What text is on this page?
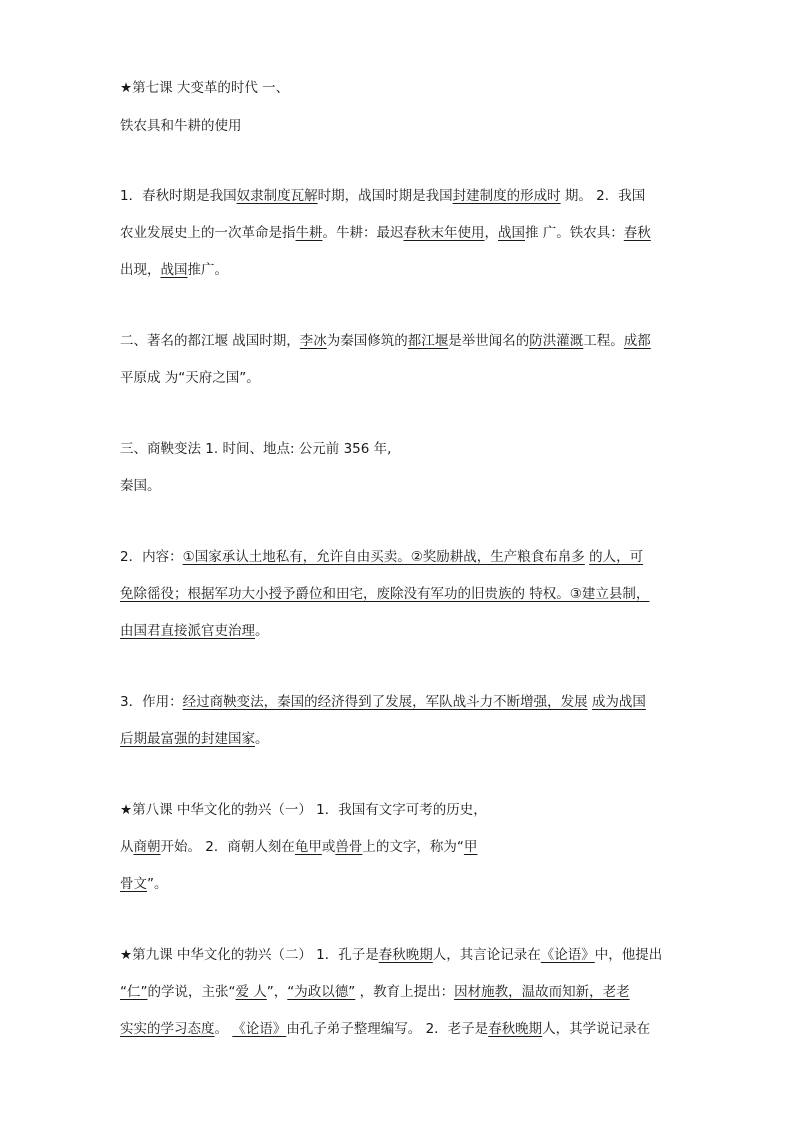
★第七课 大变革的时代 一、
铁农具和牛耕的使用
1．春秋时期是我国奴隶制度瓦解时期，战国时期是我国封建制度的形成时 期。 2．我国
农业发展史上的一次革命是指牛耕。牛耕：最迟春秋末年使用，战国推 广。铁农具：春秋
出现，战国推广。
二、著名的都江堰 战国时期，李冰为秦国修筑的都江堰是举世闻名的防洪灌溉工程。成都
平原成 为“天府之国”。
三、商鞅变法 1. 时间、地点: 公元前 356 年,
秦国。
2．内容：①国家承认土地私有，允许自由买卖。②奖励耕战，生产粮食布帛多 的人，可
免除徭役；根据军功大小授予爵位和田宅，废除没有军功的旧贵族的 特权。③建立县制，
由国君直接派官吏治理。
3．作用：经过商鞅变法，秦国的经济得到了发展，军队战斗力不断增强，发展 成为战国
后期最富强的封建国家。
★第八课 中华文化的勃兴（一） 1．我国有文字可考的历史，
从商朝开始。 2．商朝人刻在龟甲或兽骨上的文字，称为“甲
骨文”。
★第九课 中华文化的勃兴（二） 1．孔子是春秋晚期人，其言论记录在《论语》中，他提出
“仁”的学说，主张“爱 人”，“为政以德” ，教育上提出：因材施教，温故而知新，老老
实实的学习态度。 《论语》由孔子弟子整理编写。 2．老子是春秋晚期人，其学说记录在
